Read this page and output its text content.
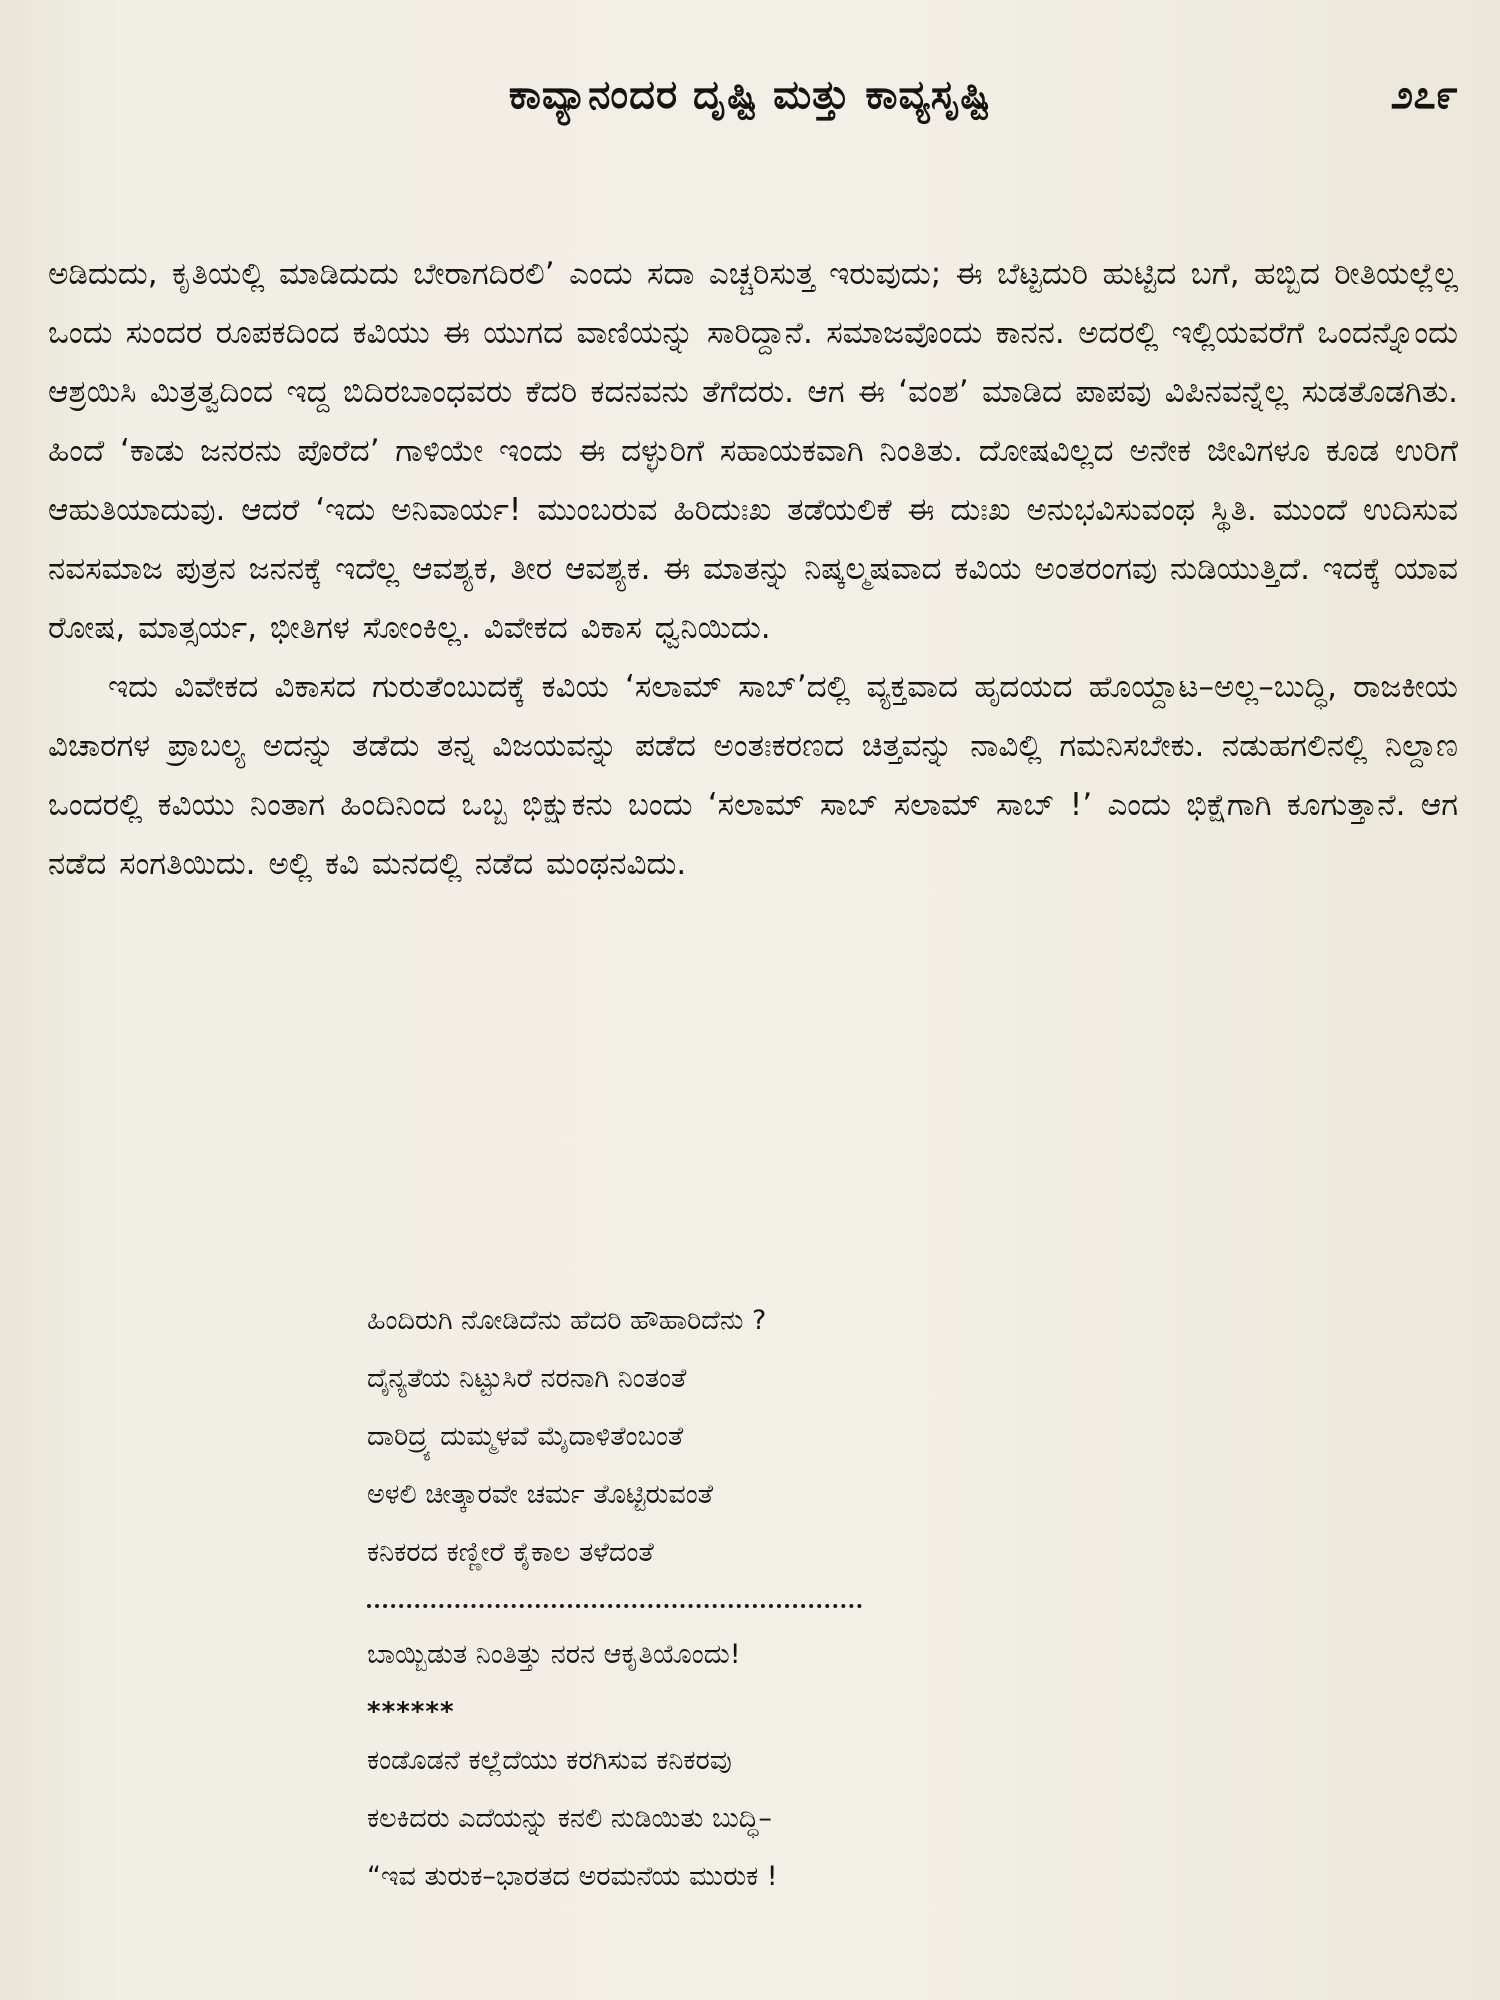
ಕಾವ್ಯಾನಂದರ ದೃಷ್ಟಿ ಮತ್ತು ಕಾವ್ಯಸೃಷ್ಟಿ	೨೭೯

ಅಡಿದುದು, ಕೃತಿಯಲ್ಲಿ ಮಾಡಿದುದು ಬೇರಾಗದಿರಲಿ’ ಎಂದು ಸದಾ ಎಚ್ಚರಿಸುತ್ತ ಇರುವುದು; ಈ ಬೆಟ್ಟದುರಿ ಹುಟ್ಟಿದ ಬಗೆ, ಹಬ್ಬಿದ ರೀತಿಯಲ್ಲೆಲ್ಲ ಒಂದು ಸುಂದರ ರೂಪಕದಿಂದ ಕವಿಯು ಈ ಯುಗದ ವಾಣಿಯನ್ನು ಸಾರಿದ್ದಾನೆ. ಸಮಾಜವೊಂದು ಕಾನನ. ಅದರಲ್ಲಿ ಇಲ್ಲಿಯವರೆಗೆ ಒಂದನ್ನೊಂದು ಆಶ್ರಯಿಸಿ ಮಿತ್ರತ್ವದಿಂದ ಇದ್ದ ಬಿದಿರಬಾಂಧವರು ಕೆದರಿ ಕದನವನು ತೆಗೆದರು. ಆಗ ಈ ‘ವಂಶ’ ಮಾಡಿದ ಪಾಪವು ವಿಪಿನವನ್ನೆಲ್ಲ ಸುಡತೊಡಗಿತು. ಹಿಂದೆ ‘ಕಾಡು ಜನರನು ಪೊರೆದ’ ಗಾಳಿಯೇ ಇಂದು ಈ ದಳ್ಳುರಿಗೆ ಸಹಾಯಕವಾಗಿ ನಿಂತಿತು. ದೋಷವಿಲ್ಲದ ಅನೇಕ ಜೀವಿಗಳೂ ಕೂಡ ಉರಿಗೆ ಆಹುತಿಯಾದುವು. ಆದರೆ ‘ಇದು ಅನಿವಾರ್ಯ! ಮುಂಬರುವ ಹಿರಿದುಃಖ ತಡೆಯಲಿಕೆ ಈ ದುಃಖ ಅನುಭವಿಸುವಂಥ ಸ್ಥಿತಿ. ಮುಂದೆ ಉದಿಸುವ ನವಸಮಾಜ ಪುತ್ರನ ಜನನಕ್ಕೆ ಇದೆಲ್ಲ ಆವಶ್ಯಕ, ತೀರ ಆವಶ್ಯಕ. ಈ ಮಾತನ್ನು ನಿಷ್ಕಲ್ಮಷವಾದ ಕವಿಯ ಅಂತರಂಗವು ನುಡಿಯುತ್ತಿದೆ. ಇದಕ್ಕೆ ಯಾವ ರೋಷ, ಮಾತ್ಸರ್ಯ, ಭೀತಿಗಳ ಸೋಂಕಿಲ್ಲ. ವಿವೇಕದ ವಿಕಾಸ ಧ್ವನಿಯಿದು.

ಇದು ವಿವೇಕದ ವಿಕಾಸದ ಗುರುತೆಂಬುದಕ್ಕೆ ಕವಿಯ ‘ಸಲಾಮ್ ಸಾಬ್’ದಲ್ಲಿ ವ್ಯಕ್ತವಾದ ಹೃದಯದ ಹೊಯ್ದಾಟ–ಅಲ್ಲ–ಬುದ್ಧಿ, ರಾಜಕೀಯ ವಿಚಾರಗಳ ಪ್ರಾಬಲ್ಯ ಅದನ್ನು ತಡೆದು ತನ್ನ ವಿಜಯವನ್ನು ಪಡೆದ ಅಂತಃಕರಣದ ಚಿತ್ತವನ್ನು ನಾವಿಲ್ಲಿ ಗಮನಿಸಬೇಕು. ನಡುಹಗಲಿನಲ್ಲಿ ನಿಲ್ದಾಣ ಒಂದರಲ್ಲಿ ಕವಿಯು ನಿಂತಾಗ ಹಿಂದಿನಿಂದ ಒಬ್ಬ ಭಿಕ್ಷುಕನು ಬಂದು ‘ಸಲಾಮ್ ಸಾಬ್ ಸಲಾಮ್ ಸಾಬ್ !’ ಎಂದು ಭಿಕ್ಷೆಗಾಗಿ ಕೂಗುತ್ತಾನೆ. ಆಗ ನಡೆದ ಸಂಗತಿಯಿದು. ಅಲ್ಲಿ ಕವಿ ಮನದಲ್ಲಿ ನಡೆದ ಮಂಥನವಿದು.

ಹಿಂದಿರುಗಿ ನೋಡಿದೆನು ಹೆದರಿ ಹೌಹಾರಿದೆನು ?
ದೈನ್ಯತೆಯ ನಿಟ್ಟುಸಿರೆ ನರನಾಗಿ ನಿಂತಂತೆ
ದಾರಿದ್ರ್ಯ ದುಮ್ಮಳವೆ ಮೈದಾಳಿತೆಂಬಂತೆ
ಅಳಲಿ ಚೀತ್ಕಾರವೇ ಚರ್ಮ ತೊಟ್ಟಿರುವಂತೆ
ಕನಿಕರದ ಕಣ್ಣೀರೆ ಕೈಕಾಲ ತಳೆದಂತೆ
ಬಾಯ್ಬಿಡುತ ನಿಂತಿತ್ತು ನರನ ಆಕೃತಿಯೊಂದು!
******
ಕಂಡೊಡನೆ ಕಲ್ಲೆದೆಯು ಕರಗಿಸುವ ಕನಿಕರವು
ಕಲಕಿದರು ಎದೆಯನ್ನು ಕನಲಿ ನುಡಿಯಿತು ಬುದ್ಧಿ–
“ಇವ ತುರುಕ–ಭಾರತದ ಅರಮನೆಯ ಮುರುಕ !
